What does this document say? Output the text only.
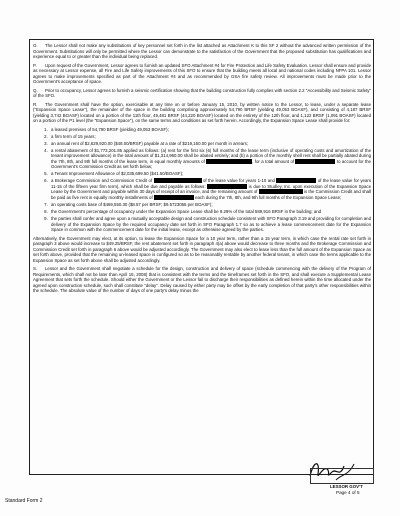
O. The Lessor shall not make any substitutions of key personnel set forth in the list attached as Attachment K to this SF 2 without the advanced written permission of the Government. Substitutions will only be permitted where the Lessor can demonstrate to the satisfaction of the Government that the proposed substitution has qualifications and experience equal to or greater than the individual being replaced.

P. Upon request of the Government, Lessor agrees to furnish an updated SFO Attachment #4 for Fire Protection and Life Safety Evaluation. Lessor shall ensure and provide as necessary at Lessor expense, all Fire and Life Safety improvements of this SFO to ensure that the building meets all local and national codes including NFPA 101. Lessor agrees to make improvements specified as part of the Attachment #4 and as recommended by GSA fire safety review. All improvements must be made prior to the Government's acceptance of space.

Q. Prior to occupancy, Lessor agrees to furnish a seismic certification showing that the building construction fully complies with section 2.2 "Accessibility and Seismic Safety" of the SFO.

R. The Government shall have the option, exercisable at any time on or before January 15, 2010, by written notice to the Lessor, to lease, under a separate lease ("Expansion Space Lease"), the remainder of the space in the building comprising approximately 54,790 BRSF (yielding 49,053 BOASF), and consisting of 4,187 BRSF (yielding 3,742 BOASF) located on a portion of the 11th floor, 49,481 BRSF (44,220 BOASF) located on the entirety of the 12th floor, and 1,122 BRSF (1,091 BOASF) located on a portion of the P1 level (the "Expansion Space"), on the same terms and conditions as set forth herein. Accordingly, the Expansion Space Lease shall provide for:

1. a leased premises of 54,790 BRSF (yielding 49,053 BOASF);
2. a firm term of 15 years;
3. an annual rent of $2,629,920.00 ($48.00/BRSF) payable at a rate of $219,160.00 per month in arrears;
4. a rental abatement of $1,773,201.85 applied as follows: (a) rent for the first six (6) full months of the lease term (inclusive of operating costs and amortization of the tenant improvement allowance) in the total amount of $1,314,960.00 shall be abated entirely; and (b) a portion of the monthly shell rent shall be partially abated during the 7th, 8th, and 9th full months of the lease term, in equal monthly amounts of	, for a total amount of	to account for the Government's Commission Credit as set forth below;
5. a Tenant Improvement Allowance of $2,035,699.50 ($41.50/BOASF);
6. a Brokerage Commission and Commission Credit of	of the lease value for years 1-10 and	of the lease value for years 11-15 of the fifteen year firm term), which shall be due and payable as follows:	is due to Studley, Inc. upon execution of the Expansion Space Lease by the Government and payable within 30 days of receipt of an invoice, and the remaining amount of	is the Commission Credit and shall be paid as five rent in equally monthly installments of	each during the 7th, 8th, and 9th full months of the Expansion Space Lease;
7. an operating costs base of $469,550.30 ($8.57 per BRSF; $9.5723055 per BOASF);
8. the Government's percentage of occupancy under the Expansion Space Lease shall be 9.29% of the total 589,916 BRSF in the building; and
9. the parties shall confer and agree upon a mutually acceptable design and construction schedule consistent with SFO Paragraph 3.19 and providing for completion and delivery of the Expansion Space by the required occupancy date set forth in SFO Paragraph 1.7 so as to achieve a lease commencement date for the Expansion Space in common with the commencement date for the initial lease, except as otherwise agreed by the parties.

Alternatively, the Government may elect, at its option, to lease the Expansion Space for a 10 year term, rather than a 15 year term, in which case the rental rate set forth in paragraph 3 above would increase to $49.25/BRSF, the rent abatement set forth in paragraph 4(a) above would decrease to three months and the Brokerage Commission and Commission Credit set forth in paragraph 6 above would be adjusted accordingly. The Government may also elect to lease less than the full amount of the Expansion Space as set forth above, provided that the remaining un-leased space is configured so as to be reasonably rentable by another federal tenant, in which case the terms applicable to the Expansion Space as set forth above shall be adjusted accordingly.

S. Lessor and the Government shall negotiate a schedule for the design, construction and delivery of space (schedule commencing with the delivery of the Program of Requirements, which shall not be later than April 15, 2008) that is consistent with the terms and the timeframes set forth in the SFO, and shall execute a Supplemental Lease Agreement that sets forth the schedule. Should either the Government or the Lessor fail to discharge their responsibilities as defined herein within the time allocated under the agreed upon construction schedule, such shall constitute "delay". Delay caused by either party may be offset by the early completion of that party's other responsibilities within the schedule. The absolute value of the number of days of one party's delay minus the

LESSOR GOV'T
Page 4 of 5
Standard Form 2
